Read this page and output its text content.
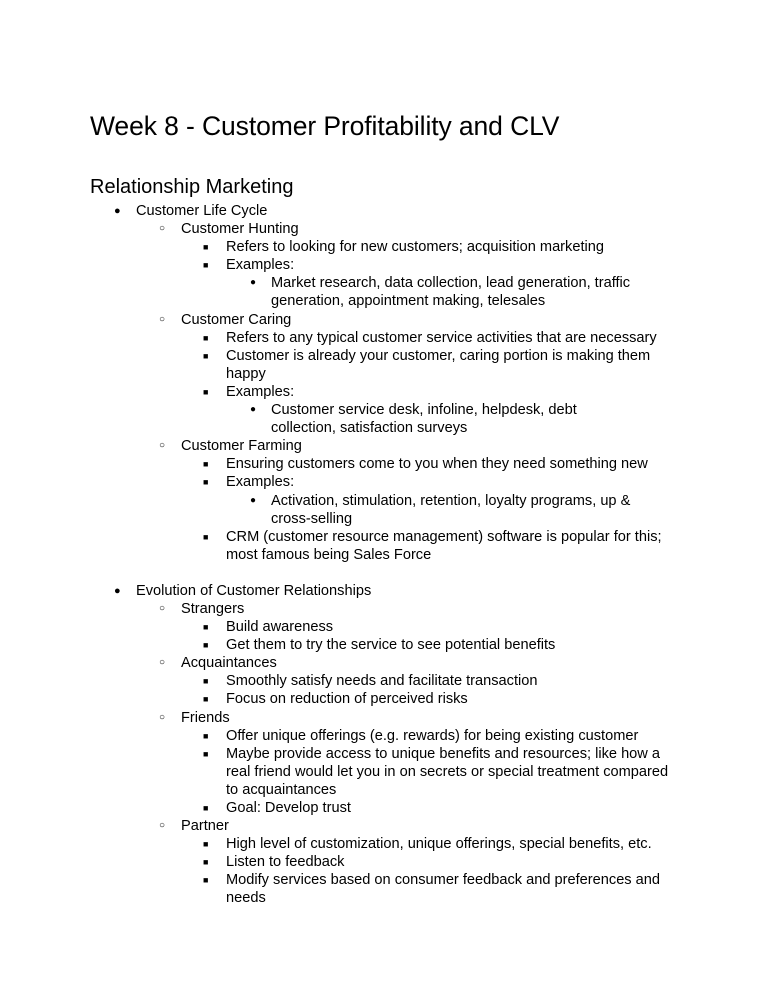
Week 8 - Customer Profitability and CLV
Relationship Marketing
● Customer Life Cycle
○ Customer Hunting
■ Refers to looking for new customers; acquisition marketing
■ Examples:
● Market research, data collection, lead generation, traffic generation, appointment making, telesales
○ Customer Caring
■ Refers to any typical customer service activities that are necessary
■ Customer is already your customer, caring portion is making them happy
■ Examples:
● Customer service desk, infoline, helpdesk, debt collection, satisfaction surveys
○ Customer Farming
■ Ensuring customers come to you when they need something new
■ Examples:
● Activation, stimulation, retention, loyalty programs, up & cross-selling
■ CRM (customer resource management) software is popular for this; most famous being Sales Force
● Evolution of Customer Relationships
○ Strangers
■ Build awareness
■ Get them to try the service to see potential benefits
○ Acquaintances
■ Smoothly satisfy needs and facilitate transaction
■ Focus on reduction of perceived risks
○ Friends
■ Offer unique offerings (e.g. rewards) for being existing customer
■ Maybe provide access to unique benefits and resources; like how a real friend would let you in on secrets or special treatment compared to acquaintances
■ Goal: Develop trust
○ Partner
■ High level of customization, unique offerings, special benefits, etc.
■ Listen to feedback
■ Modify services based on consumer feedback and preferences and needs
